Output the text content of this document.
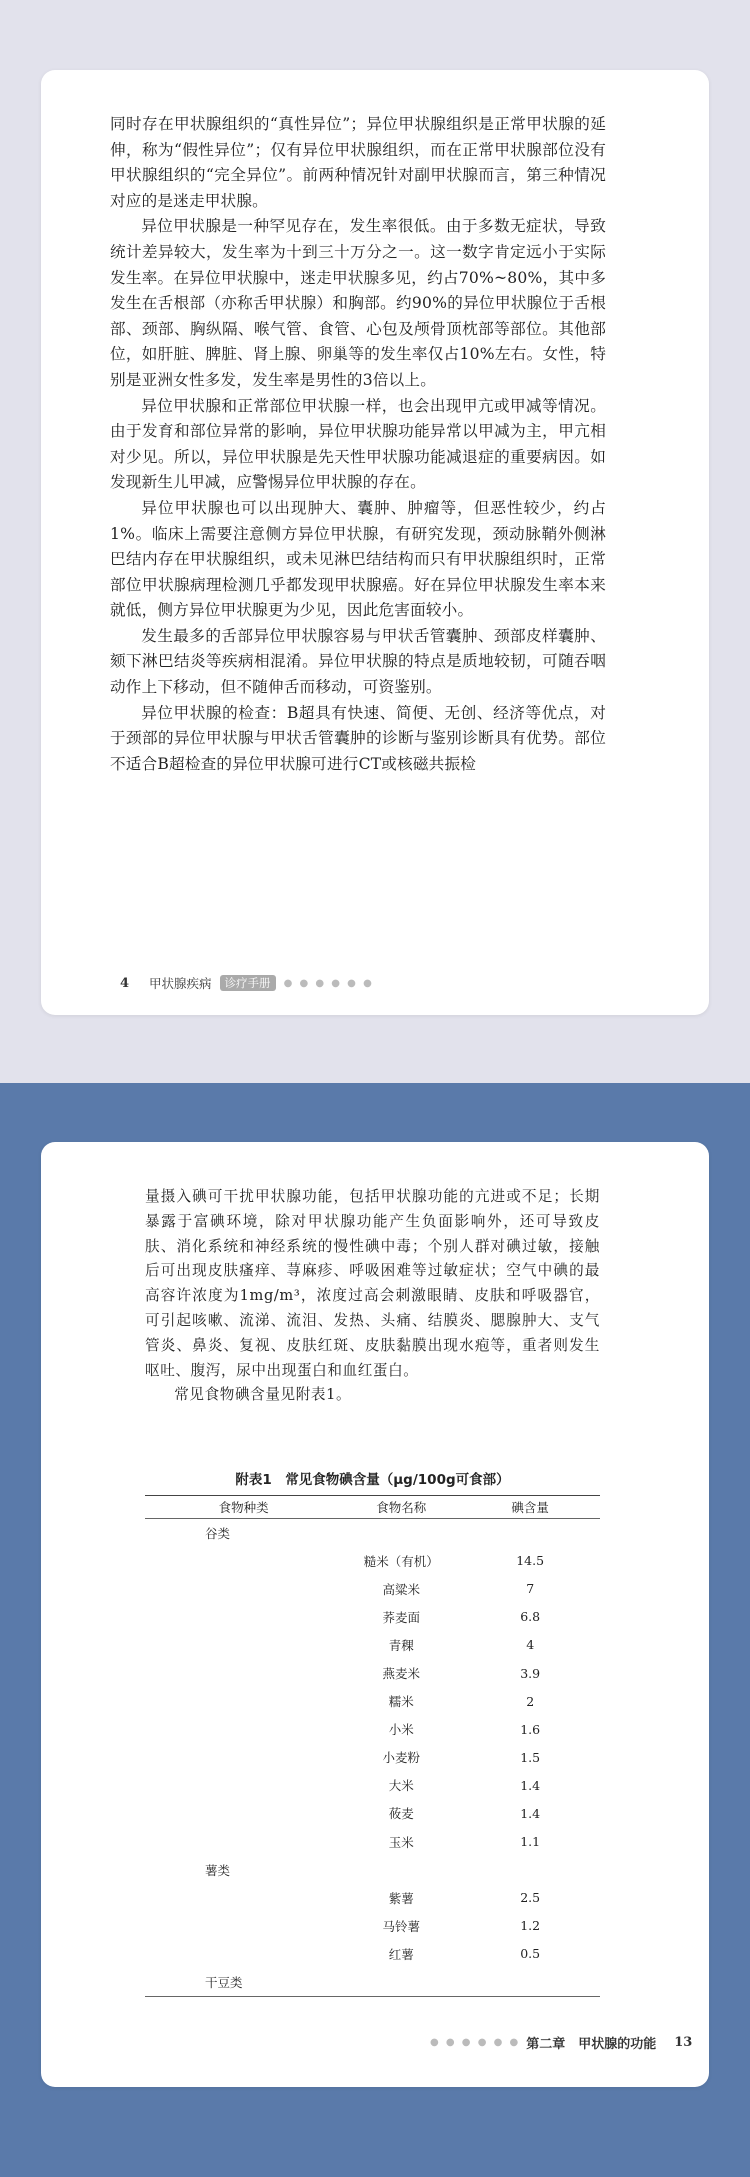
同时存在甲状腺组织的“真性异位”；异位甲状腺组织是正常甲状腺的延伸，称为“假性异位”；仅有异位甲状腺组织，而在正常甲状腺部位没有甲状腺组织的“完全异位”。前两种情况针对副甲状腺而言，第三种情况对应的是迷走甲状腺。

异位甲状腺是一种罕见存在，发生率很低。由于多数无症状，导致统计差异较大，发生率为十到三十万分之一。这一数字肯定远小于实际发生率。在异位甲状腺中，迷走甲状腺多见，约占70%~80%，其中多发生在舌根部（亦称舌甲状腺）和胸部。约90%的异位甲状腺位于舌根部、颈部、胸纵隔、喉气管、食管、心包及颅骨顶枕部等部位。其他部位，如肝脏、脾脏、肾上腺、卵巢等的发生率仅占10%左右。女性，特别是亚洲女性多发，发生率是男性的3倍以上。

异位甲状腺和正常部位甲状腺一样，也会出现甲亢或甲减等情况。由于发育和部位异常的影响，异位甲状腺功能异常以甲减为主，甲亢相对少见。所以，异位甲状腺是先天性甲状腺功能减退症的重要病因。如发现新生儿甲减，应警惕异位甲状腺的存在。

异位甲状腺也可以出现肿大、囊肿、肿瘤等，但恶性较少，约占1%。临床上需要注意侧方异位甲状腺，有研究发现，颈动脉鞘外侧淋巴结内存在甲状腺组织，或未见淋巴结结构而只有甲状腺组织时，正常部位甲状腺病理检测几乎都发现甲状腺癌。好在异位甲状腺发生率本来就低，侧方异位甲状腺更为少见，因此危害面较小。

发生最多的舌部异位甲状腺容易与甲状舌管囊肿、颈部皮样囊肿、颏下淋巴结炎等疾病相混淆。异位甲状腺的特点是质地较韧，可随吞咽动作上下移动，但不随伸舌而移动，可资鉴别。

异位甲状腺的检查：B超具有快速、简便、无创、经济等优点，对于颈部的异位甲状腺与甲状舌管囊肿的诊断与鉴别诊断具有优势。部位不适合B超检查的异位甲状腺可进行CT或核磁共振检

4 甲状腺疾病	诊疗手册	● ● ● ● ● ●

量摄入碘可干扰甲状腺功能，包括甲状腺功能的亢进或不足；长期暴露于富碘环境，除对甲状腺功能产生负面影响外，还可导致皮肤、消化系统和神经系统的慢性碘中毒；个别人群对碘过敏，接触后可出现皮肤瘙痒、荨麻疹、呼吸困难等过敏症状；空气中碘的最高容许浓度为1mg/m³，浓度过高会刺激眼睛、皮肤和呼吸器官，可引起咳嗽、流涕、流泪、发热、头痛、结膜炎、腮腺肿大、支气管炎、鼻炎、复视、皮肤红斑、皮肤黏膜出现水疱等，重者则发生呕吐、腹泻，尿中出现蛋白和血红蛋白。

常见食物碘含量见附表1。

附表1　常见食物碘含量（μg/100g可食部）
食物种类	食物名称	碘含量
谷类		
	糙米（有机）	14.5
	高粱米	7
	荞麦面	6.8
	青稞	4
	燕麦米	3.9
	糯米	2
	小米	1.6
	小麦粉	1.5
	大米	1.4
	莜麦	1.4
	玉米	1.1
薯类		
	紫薯	2.5
	马铃薯	1.2
	红薯	0.5
干豆类		
● ● ● ● ● ● 第二章　甲状腺的功能 13
